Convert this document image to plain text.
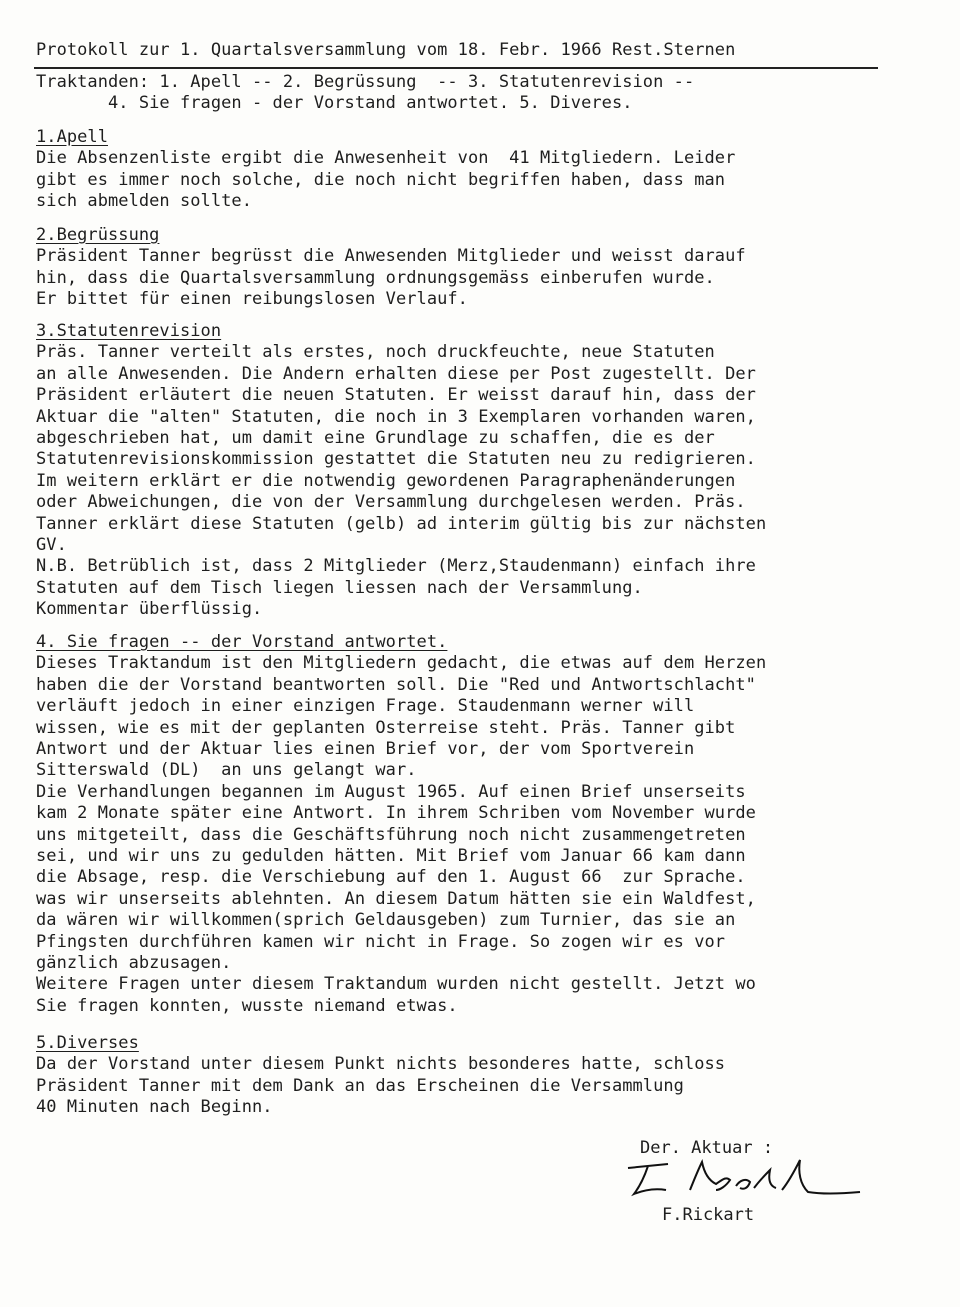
Protokoll zur 1. Quartalsversammlung vom 18. Febr. 1966 Rest.Sternen
Traktanden: 1. Apell -- 2. Begrüssung  -- 3. Statutenrevision --
4. Sie fragen - der Vorstand antwortet. 5. Diveres.
1.Apell
Die Absenzenliste ergibt die Anwesenheit von  41 Mitgliedern. Leider
gibt es immer noch solche, die noch nicht begriffen haben, dass man
sich abmelden sollte.
2.Begrüssung
Präsident Tanner begrüsst die Anwesenden Mitglieder und weisst darauf
hin, dass die Quartalsversammlung ordnungsgemäss einberufen wurde.
Er bittet für einen reibungslosen Verlauf.
3.Statutenrevision
Präs. Tanner verteilt als erstes, noch druckfeuchte, neue Statuten
an alle Anwesenden. Die Andern erhalten diese per Post zugestellt. Der
Präsident erläutert die neuen Statuten. Er weisst darauf hin, dass der
Aktuar die "alten" Statuten, die noch in 3 Exemplaren vorhanden waren,
abgeschrieben hat, um damit eine Grundlage zu schaffen, die es der
Statutenrevisionskommission gestattet die Statuten neu zu redigrieren.
Im weitern erklärt er die notwendig gewordenen Paragraphenänderungen
oder Abweichungen, die von der Versammlung durchgelesen werden. Präs.
Tanner erklärt diese Statuten (gelb) ad interim gültig bis zur nächsten
GV.
N.B. Betrüblich ist, dass 2 Mitglieder (Merz,Staudenmann) einfach ihre
Statuten auf dem Tisch liegen liessen nach der Versammlung.
Kommentar überflüssig.
4. Sie fragen -- der Vorstand antwortet.
Dieses Traktandum ist den Mitgliedern gedacht, die etwas auf dem Herzen
haben die der Vorstand beantworten soll. Die "Red und Antwortschlacht"
verläuft jedoch in einer einzigen Frage. Staudenmann werner will
wissen, wie es mit der geplanten Osterreise steht. Präs. Tanner gibt
Antwort und der Aktuar lies einen Brief vor, der vom Sportverein
Sitterswald (DL)  an uns gelangt war.
Die Verhandlungen begannen im August 1965. Auf einen Brief unserseits
kam 2 Monate später eine Antwort. In ihrem Schriben vom November wurde
uns mitgeteilt, dass die Geschäftsführung noch nicht zusammengetreten
sei, und wir uns zu gedulden hätten. Mit Brief vom Januar 66 kam dann
die Absage, resp. die Verschiebung auf den 1. August 66  zur Sprache.
was wir unserseits ablehnten. An diesem Datum hätten sie ein Waldfest,
da wären wir willkommen(sprich Geldausgeben) zum Turnier, das sie an
Pfingsten durchführen kamen wir nicht in Frage. So zogen wir es vor
gänzlich abzusagen.
Weitere Fragen unter diesem Traktandum wurden nicht gestellt. Jetzt wo
Sie fragen konnten, wusste niemand etwas.
5.Diverses
Da der Vorstand unter diesem Punkt nichts besonderes hatte, schloss
Präsident Tanner mit dem Dank an das Erscheinen die Versammlung
40 Minuten nach Beginn.
Der. Aktuar :
F.Rickart
